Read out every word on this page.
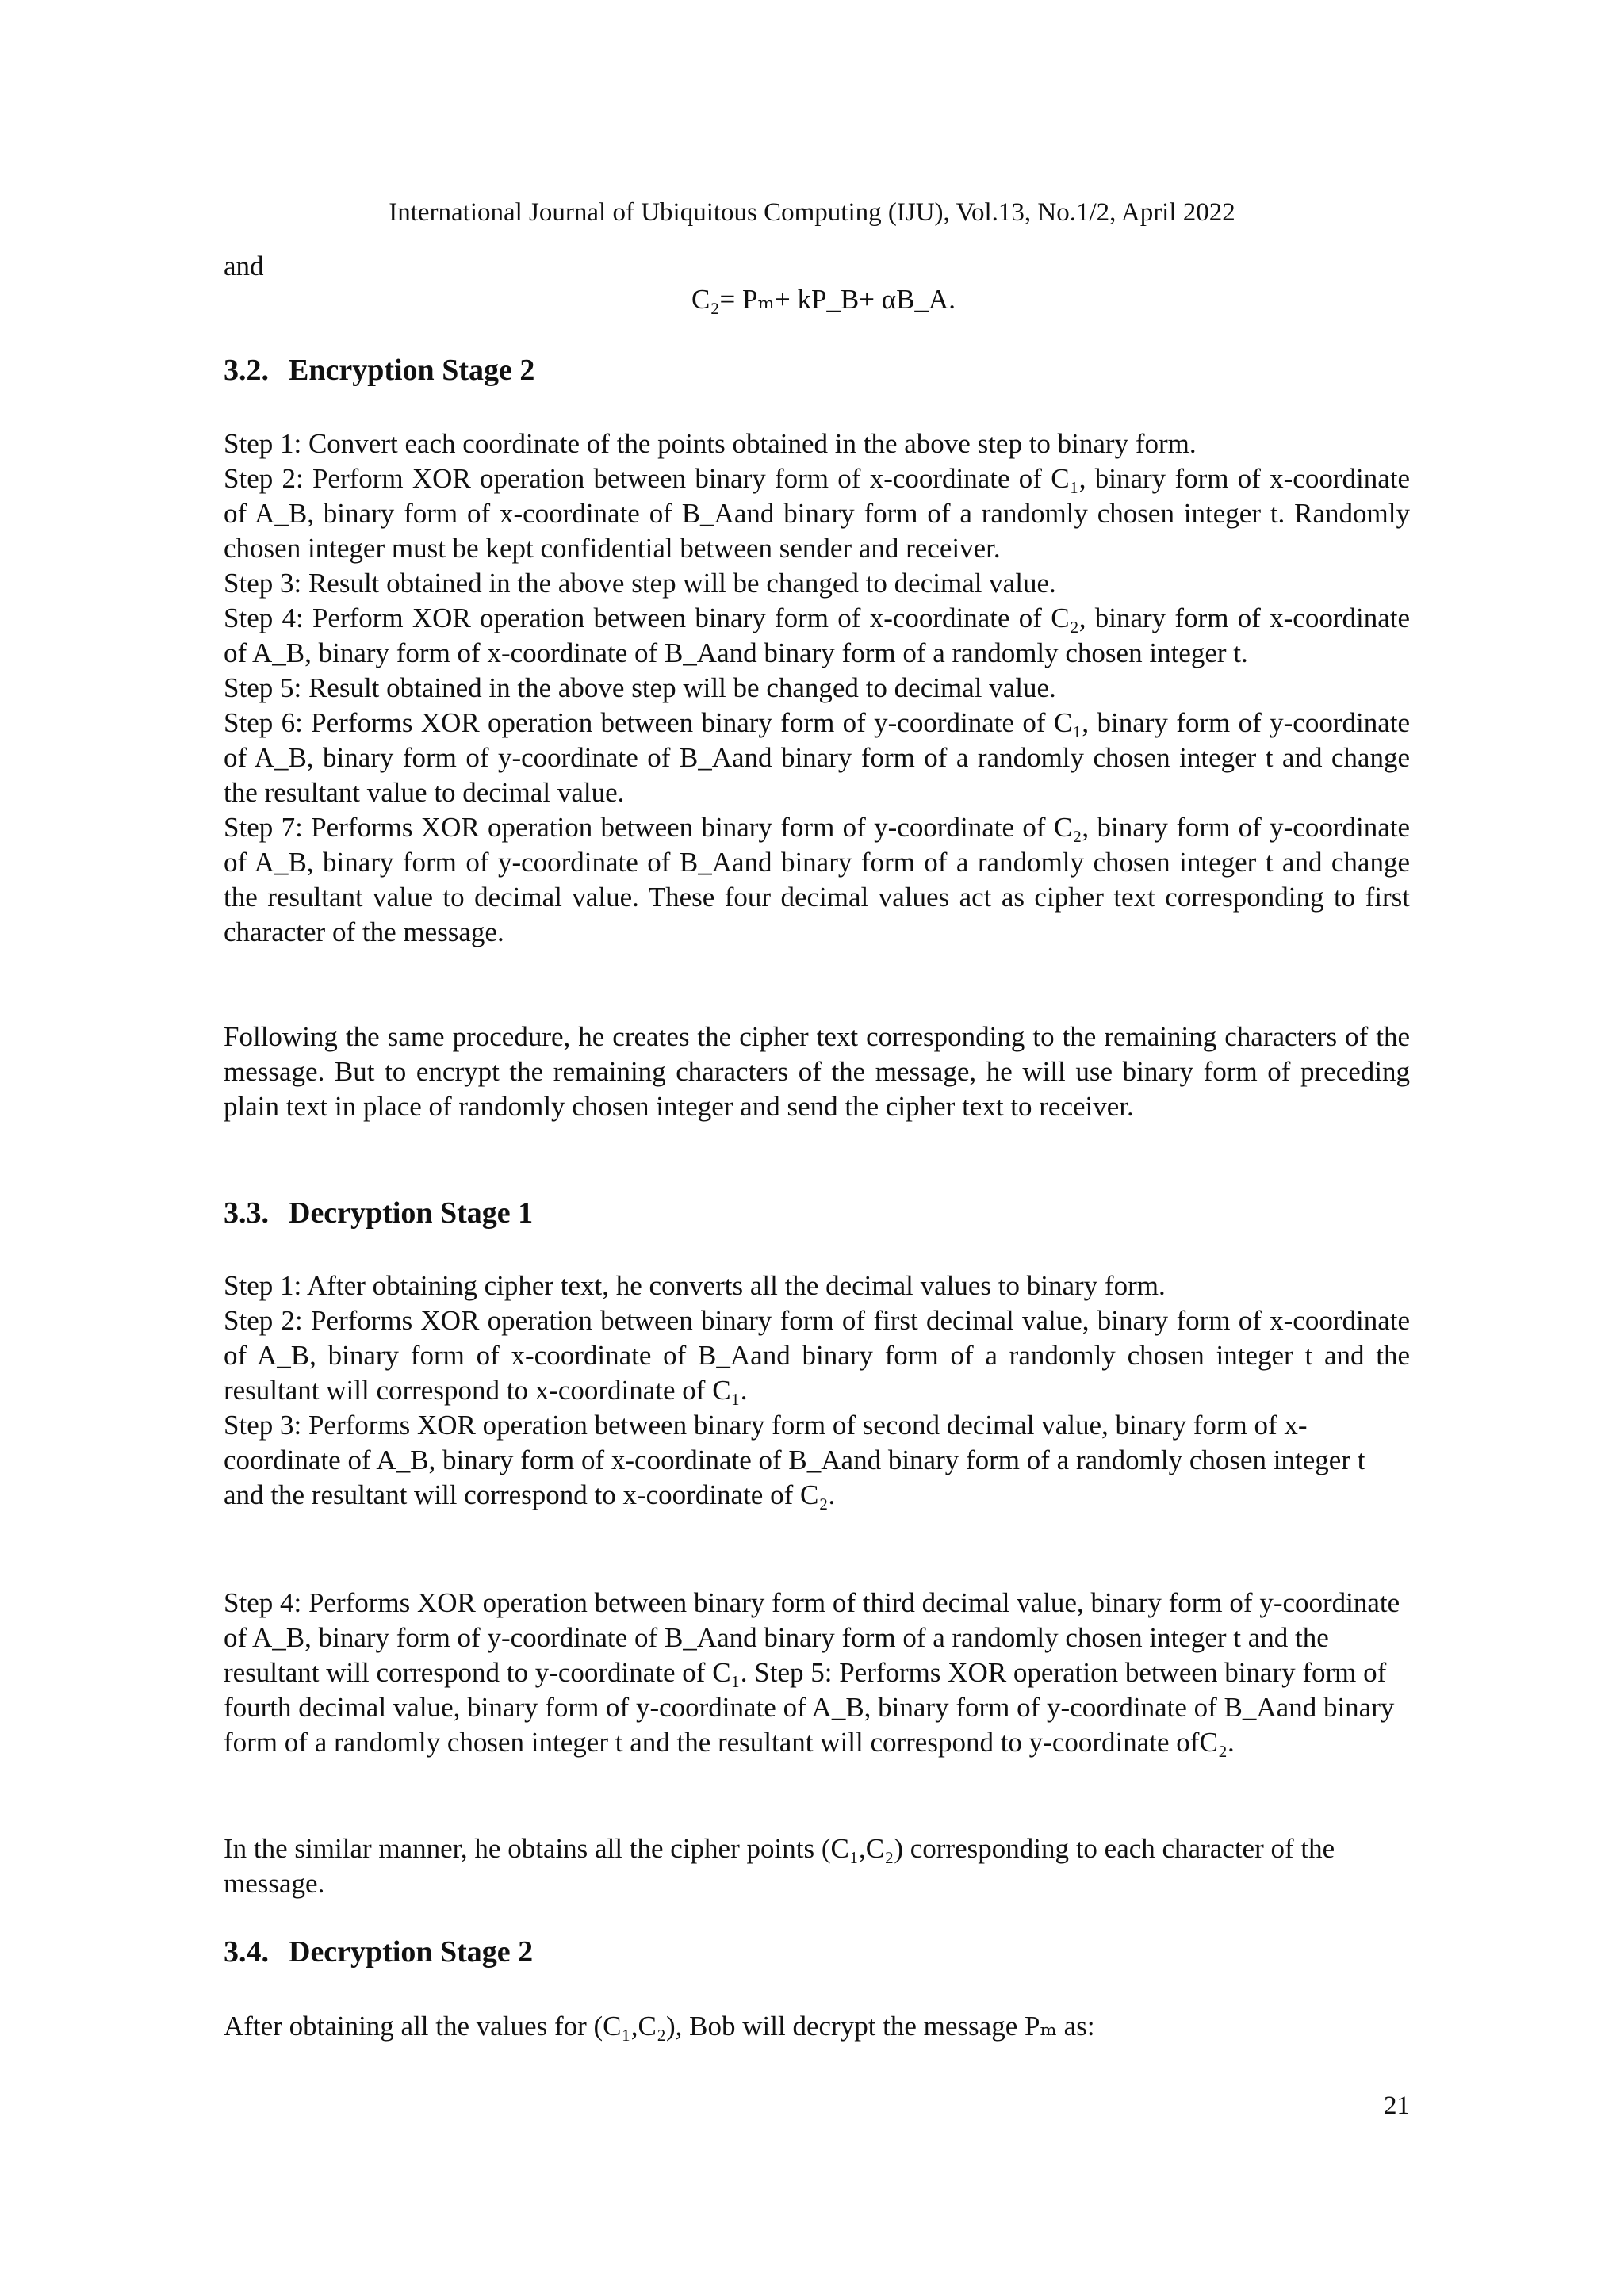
International Journal of Ubiquitous Computing (IJU), Vol.13, No.1/2, April 2022
and
C₂= Pₘ+ kP_B+ αB_A.
3.2. Encryption Stage 2

Step 1: Convert each coordinate of the points obtained in the above step to binary form.

Step 2: Perform XOR operation between binary form of x-coordinate of C₁, binary form of x-coordinate of A_B, binary form of x-coordinate of B_Aand binary form of a randomly chosen integer t. Randomly chosen integer must be kept confidential between sender and receiver.

Step 3: Result obtained in the above step will be changed to decimal value.

Step 4: Perform XOR operation between binary form of x-coordinate of C₂, binary form of x-coordinate of A_B, binary form of x-coordinate of B_Aand binary form of a randomly chosen integer t.

Step 5: Result obtained in the above step will be changed to decimal value.

Step 6: Performs XOR operation between binary form of y-coordinate of C₁, binary form of y-coordinate of A_B, binary form of y-coordinate of B_Aand binary form of a randomly chosen integer t and change the resultant value to decimal value.

Step 7: Performs XOR operation between binary form of y-coordinate of C₂, binary form of y-coordinate of A_B, binary form of y-coordinate of B_Aand binary form of a randomly chosen integer t and change the resultant value to decimal value. These four decimal values act as cipher text corresponding to first character of the message.

Following the same procedure, he creates the cipher text corresponding to the remaining characters of the message. But to encrypt the remaining characters of the message, he will use binary form of preceding plain text in place of randomly chosen integer and send the cipher text to receiver.

3.3. Decryption Stage 1

Step 1: After obtaining cipher text, he converts all the decimal values to binary form.

Step 2: Performs XOR operation between binary form of first decimal value, binary form of x-coordinate of A_B, binary form of x-coordinate of B_Aand binary form of a randomly chosen integer t and the resultant will correspond to x-coordinate of C₁.

Step 3: Performs XOR operation between binary form of second decimal value, binary form of x-coordinate of A_B, binary form of x-coordinate of B_Aand binary form of a randomly chosen integer t and the resultant will correspond to x-coordinate of C₂.

Step 4: Performs XOR operation between binary form of third decimal value, binary form of y-coordinate of A_B, binary form of y-coordinate of B_Aand binary form of a randomly chosen integer t and the resultant will correspond to y-coordinate of C₁. Step 5: Performs XOR operation between binary form of fourth decimal value, binary form of y-coordinate of A_B, binary form of y-coordinate of B_Aand binary form of a randomly chosen integer t and the resultant will correspond to y-coordinate ofC₂.

In the similar manner, he obtains all the cipher points (C₁,C₂) corresponding to each character of the message.

3.4. Decryption Stage 2

After obtaining all the values for (C₁,C₂), Bob will decrypt the message Pₘ as:

21
